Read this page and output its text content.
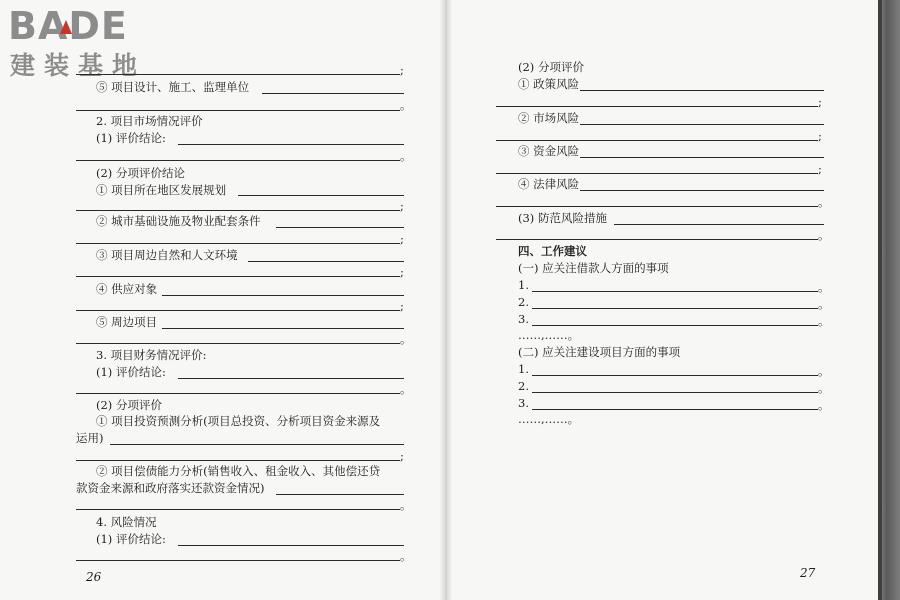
BADE
建装基地	;
⑤ 项目设计、施工、监理单位
。
2. 项目市场情况评价
(1) 评价结论:
。
(2) 分项评价结论
① 项目所在地区发展规划
;
② 城市基础设施及物业配套条件
;
③ 项目周边自然和人文环境
;
④ 供应对象
;
⑤ 周边项目
。
3. 项目财务情况评价:
(1) 评价结论:
。
(2) 分项评价
① 项目投资预测分析(项目总投资、分析项目资金来源及
运用)
;
② 项目偿债能力分析(销售收入、租金收入、其他偿还贷
款资金来源和政府落实还款资金情况)
。
4. 风险情况
(1) 评价结论:
。
26
(2) 分项评价
① 政策风险
;
② 市场风险
;
③ 资金风险
;
④ 法律风险
。
(3) 防范风险措施
。
四、工作建议
(一) 应关注借款人方面的事项
1.	。
2.	。
3.	。
……,……。
(二) 应关注建设项目方面的事项
1.	。
2.	。
3.	。
……,……。
27
